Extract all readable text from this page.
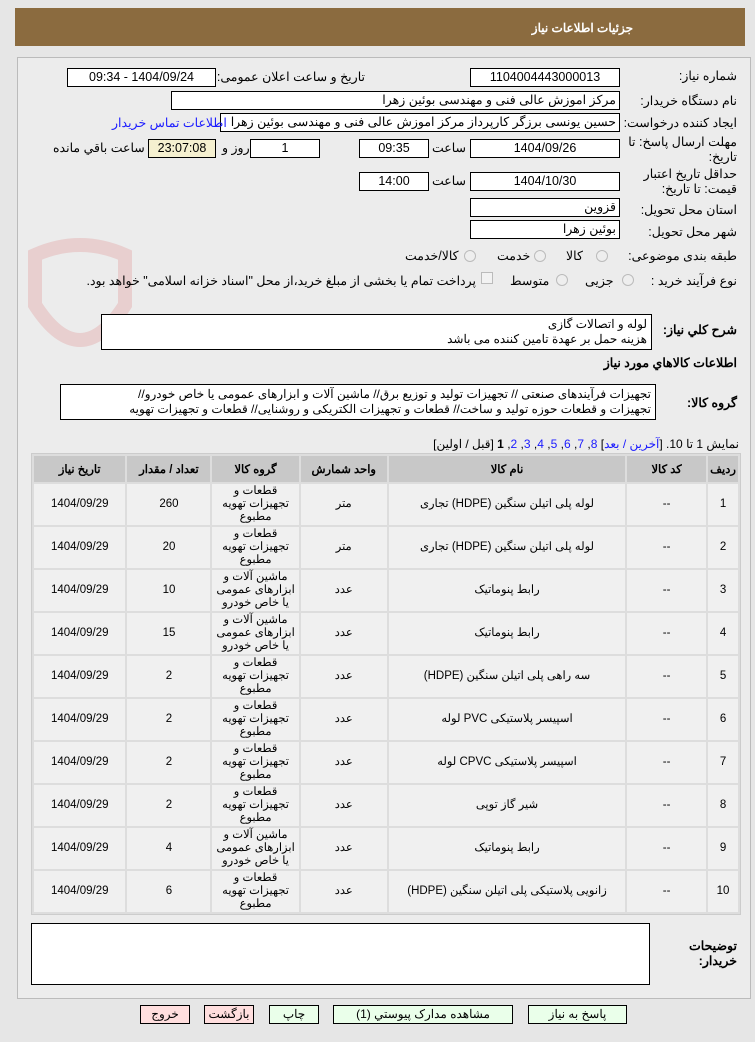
جزئیات اطلاعات نیاز
شماره نیاز:
1104004443000013
تاریخ و ساعت اعلان عمومی:
1404/09/24 - 09:34
نام دستگاه خریدار:
مرکز اموزش عالی فنی و مهندسی بوئین زهرا
ایجاد کننده درخواست:
حسین یونسی برزگر کارپرداز مرکز اموزش عالی فنی و مهندسی بوئین زهرا
اطلاعات تماس خریدار
مهلت ارسال پاسخ: تا تاریخ:
1404/09/26
ساعت
09:35
1
روز و
23:07:08
ساعت باقي مانده
حداقل تاریخ اعتبار قیمت: تا تاریخ:
1404/10/30
ساعت
14:00
استان محل تحویل:
قزوین
شهر محل تحویل:
بوئین زهرا
طبقه بندی موضوعی:
کالا
خدمت
کالا/خدمت
نوع فرآیند خرید :
جزیی
متوسط
پرداخت تمام یا بخشی از مبلغ خرید،از محل "اسناد خزانه اسلامی" خواهد بود.
شرح کلي نياز:
لوله و اتصالات گازی
هزینه حمل بر عهدة تامین کننده می باشد
اطلاعات کالاهاي مورد نياز
گروه کالا:
تجهیزات فرآیندهای صنعتی // تجهیزات تولید و توزیع برق// ماشین آلات و ابزارهای عمومی یا خاص خودرو//
تجهیزات و قطعات حوزه تولید و ساخت// قطعات و تجهیزات الکتریکی و روشنایی// قطعات و تجهیزات تهویه
نمایش 1 تا 10. [آخرین / بعد] 8, 7, 6, 5, 4, 3, 2, 1 [قبل / اولین]
ردیف	کد کالا	نام کالا	واحد شمارش	گروه کالا	تعداد / مقدار	تاریخ نیاز
1	--	لوله پلی اتیلن سنگین (HDPE) تجاری	متر	قطعات و تجهیزات تهویه مطبوع	260	1404/09/29
2	--	لوله پلی اتیلن سنگین (HDPE) تجاری	متر	قطعات و تجهیزات تهویه مطبوع	20	1404/09/29
3	--	رابط پنوماتیک	عدد	ماشین آلات و ابزارهای عمومی یا خاص خودرو	10	1404/09/29
4	--	رابط پنوماتیک	عدد	ماشین آلات و ابزارهای عمومی یا خاص خودرو	15	1404/09/29
5	--	سه راهی پلی اتیلن سنگین (HDPE)	عدد	قطعات و تجهیزات تهویه مطبوع	2	1404/09/29
6	--	اسپیسر پلاستیکی PVC لوله	عدد	قطعات و تجهیزات تهویه مطبوع	2	1404/09/29
7	--	اسپیسر پلاستیکی CPVC لوله	عدد	قطعات و تجهیزات تهویه مطبوع	2	1404/09/29
8	--	شیر گاز توپی	عدد	قطعات و تجهیزات تهویه مطبوع	2	1404/09/29
9	--	رابط پنوماتیک	عدد	ماشین آلات و ابزارهای عمومی یا خاص خودرو	4	1404/09/29
10	--	زانویی پلاستیکی پلی اتیلن سنگین (HDPE)	عدد	قطعات و تجهیزات تهویه مطبوع	6	1404/09/29
توضیحات خریدار:
پاسخ به نیاز
مشاهده مدارک پیوستي (1)
چاپ
بازگشت
خروج
